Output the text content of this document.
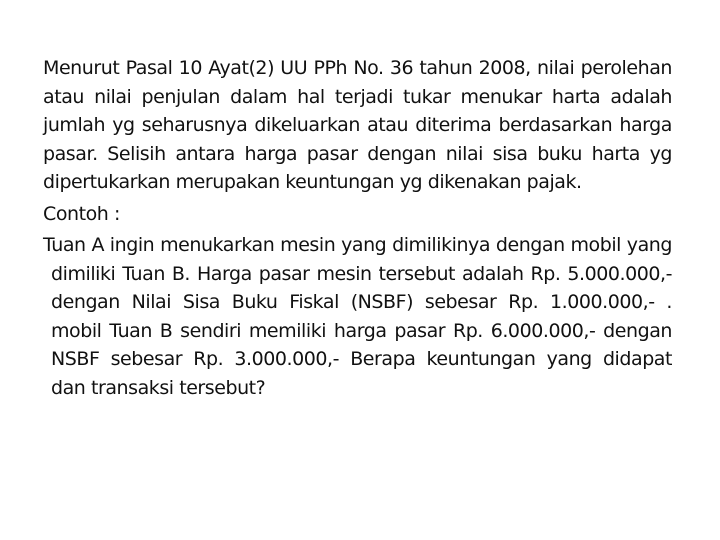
Menurut Pasal 10 Ayat(2) UU PPh No. 36 tahun 2008, nilai perolehan atau nilai penjulan dalam hal terjadi tukar menukar harta adalah jumlah yg seharusnya dikeluarkan atau diterima berdasarkan harga pasar. Selisih antara harga pasar dengan nilai sisa buku harta yg dipertukarkan merupakan keuntungan yg dikenakan pajak.

Contoh :

Tuan A ingin menukarkan mesin yang dimilikinya dengan mobil yang dimiliki Tuan B. Harga pasar mesin tersebut adalah Rp. 5.000.000,- dengan Nilai Sisa Buku Fiskal (NSBF) sebesar Rp. 1.000.000,- . mobil Tuan B sendiri memiliki harga pasar Rp. 6.000.000,- dengan NSBF sebesar Rp. 3.000.000,- Berapa keuntungan yang didapat dan transaksi tersebut?
